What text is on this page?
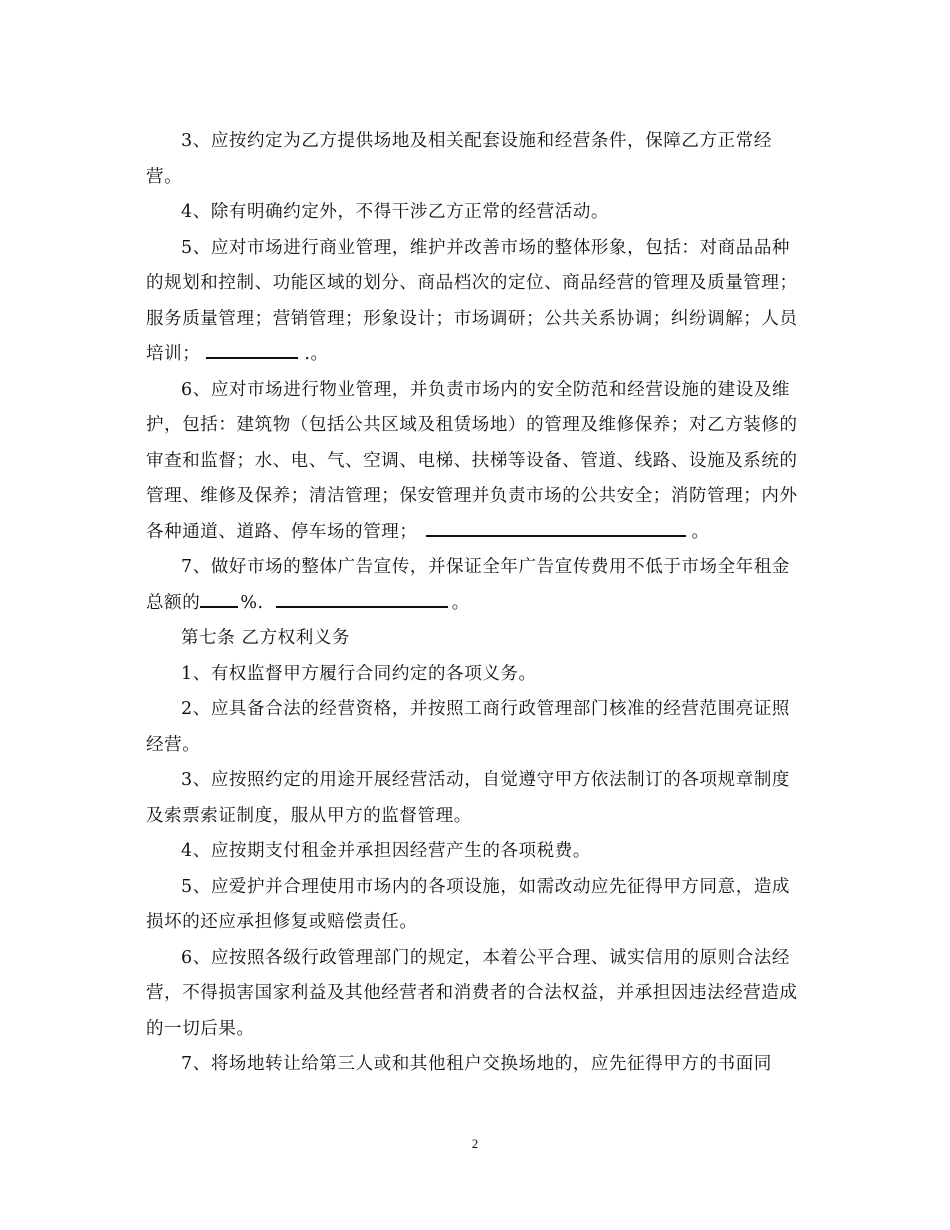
3、应按约定为乙方提供场地及相关配套设施和经营条件，保障乙方正常经营。

4、除有明确约定外，不得干涉乙方正常的经营活动。

5、应对市场进行商业管理，维护并改善市场的整体形象，包括：对商品品种的规划和控制、功能区域的划分、商品档次的定位、商品经营的管理及质量管理；服务质量管理；营销管理；形象设计；市场调研；公共关系协调；纠纷调解；人员培训；	.。

6、应对市场进行物业管理，并负责市场内的安全防范和经营设施的建设及维护，包括：建筑物（包括公共区域及租赁场地）的管理及维修保养；对乙方装修的审查和监督；水、电、气、空调、电梯、扶梯等设备、管道、线路、设施及系统的管理、维修及保养；清洁管理；保安管理并负责市场的公共安全；消防管理；内外各种通道、道路、停车场的管理；	。

7、做好市场的整体广告宣传，并保证全年广告宣传费用不低于市场全年租金总额的 %.	。

第七条 乙方权利义务

1、有权监督甲方履行合同约定的各项义务。

2、应具备合法的经营资格，并按照工商行政管理部门核准的经营范围亮证照经营。

3、应按照约定的用途开展经营活动，自觉遵守甲方依法制订的各项规章制度及索票索证制度，服从甲方的监督管理。

4、应按期支付租金并承担因经营产生的各项税费。

5、应爱护并合理使用市场内的各项设施，如需改动应先征得甲方同意，造成损坏的还应承担修复或赔偿责任。

6、应按照各级行政管理部门的规定，本着公平合理、诚实信用的原则合法经营，不得损害国家利益及其他经营者和消费者的合法权益，并承担因违法经营造成的一切后果。

7、将场地转让给第三人或和其他租户交换场地的，应先征得甲方的书面同

2
